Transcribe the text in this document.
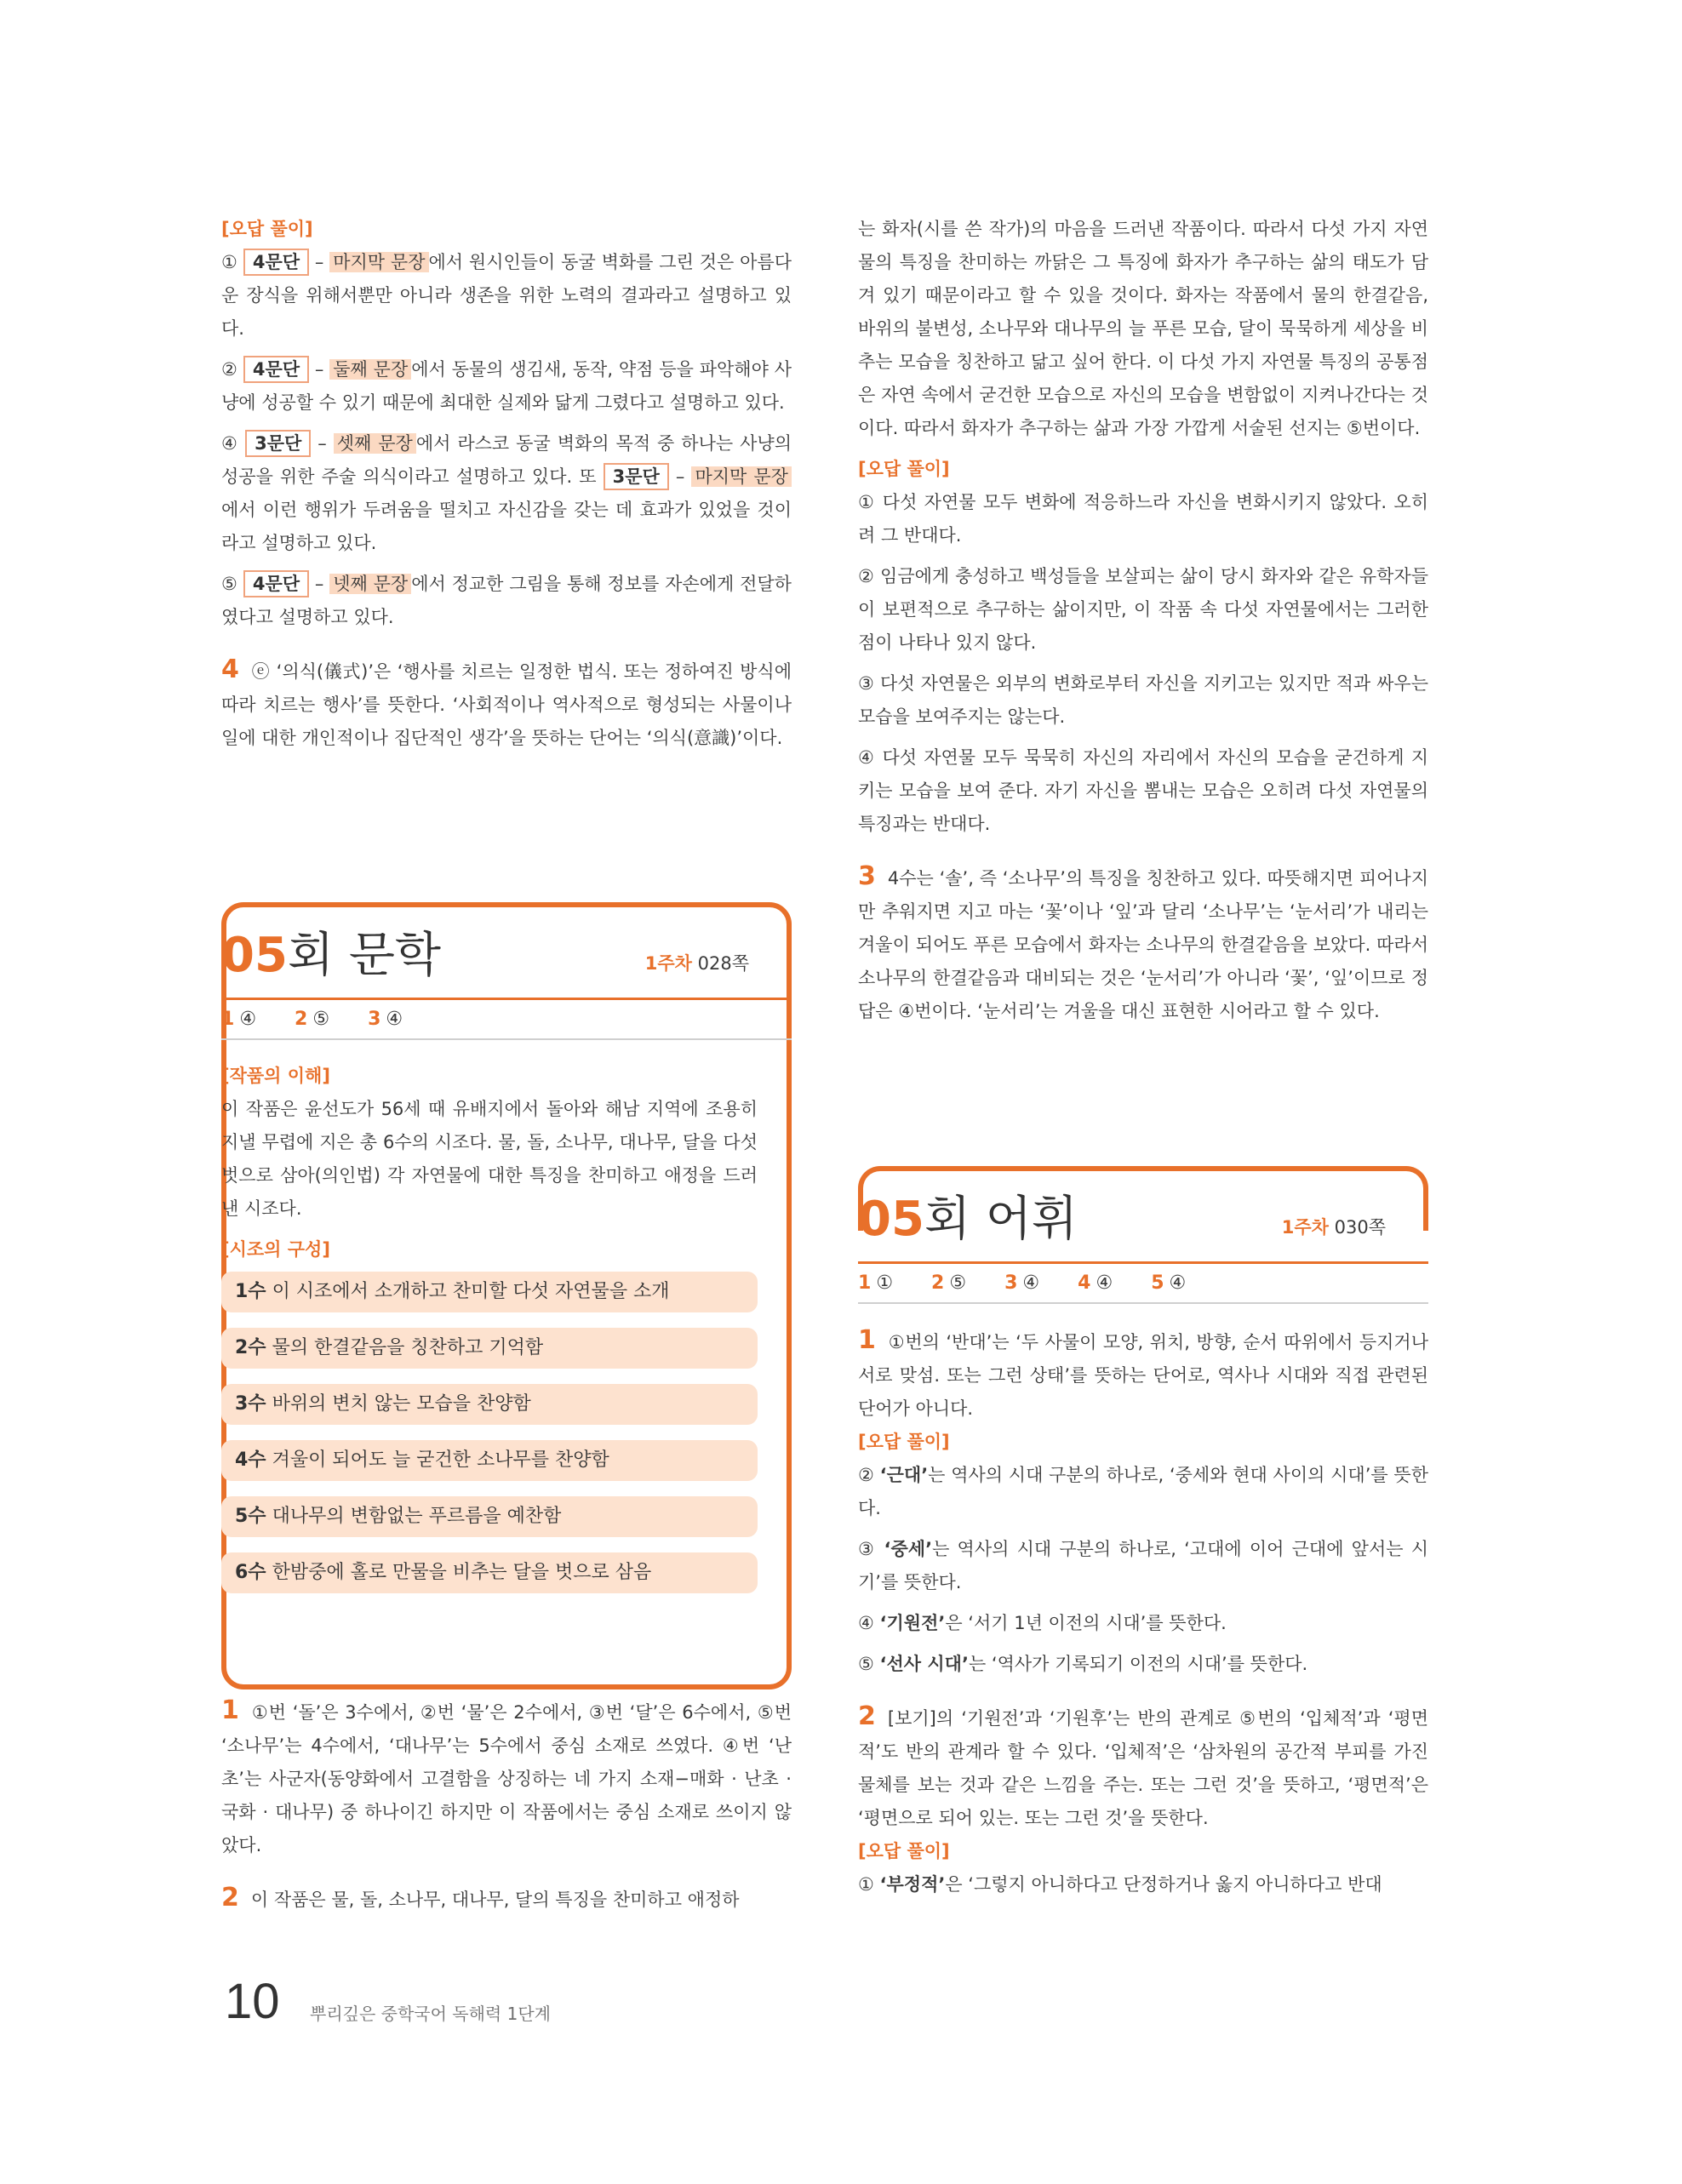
[오답 풀이]

① 4문단 – 마지막 문장 에서 원시인들이 동굴 벽화를 그린 것은 아름다운 장식을 위해서뿐만 아니라 생존을 위한 노력의 결과라고 설명하고 있다.

② 4문단 – 둘째 문장 에서 동물의 생김새, 동작, 약점 등을 파악해야 사냥에 성공할 수 있기 때문에 최대한 실제와 닮게 그렸다고 설명하고 있다.

④ 3문단 – 셋째 문장 에서 라스코 동굴 벽화의 목적 중 하나는 사냥의 성공을 위한 주술 의식이라고 설명하고 있다. 또 3문단 – 마지막 문장에서 이런 행위가 두려움을 떨치고 자신감을 갖는 데 효과가 있었을 것이라고 설명하고 있다.

⑤ 4문단 – 넷째 문장 에서 정교한 그림을 통해 정보를 자손에게 전달하였다고 설명하고 있다.

4 ⓔ ‘의식(儀式)’은 ‘행사를 치르는 일정한 법식. 또는 정하여진 방식에 따라 치르는 행사’를 뜻한다. ‘사회적이나 역사적으로 형성되는 사물이나 일에 대한 개인적이나 집단적인 생각’을 뜻하는 단어는 ‘의식(意識)’이다.

05회 문학	1주차 028쪽
1 ④ 2 ⑤ 3 ④
[작품의 이해]

이 작품은 윤선도가 56세 때 유배지에서 돌아와 해남 지역에 조용히 지낼 무렵에 지은 총 6수의 시조다. 물, 돌, 소나무, 대나무, 달을 다섯 벗으로 삼아(의인법) 각 자연물에 대한 특징을 찬미하고 애정을 드러낸 시조다.

[시조의 구성]
1수 이 시조에서 소개하고 찬미할 다섯 자연물을 소개
2수 물의 한결같음을 칭찬하고 기억함
3수 바위의 변치 않는 모습을 찬양함
4수 겨울이 되어도 늘 굳건한 소나무를 찬양함
5수 대나무의 변함없는 푸르름을 예찬함
6수 한밤중에 홀로 만물을 비추는 달을 벗으로 삼음

1 ①번 ‘돌’은 3수에서, ②번 ‘물’은 2수에서, ③번 ‘달’은 6수에서, ⑤번 ‘소나무’는 4수에서, ‘대나무’는 5수에서 중심 소재로 쓰였다. ④번 ‘난초’는 사군자(동양화에서 고결함을 상징하는 네 가지 소재−매화 · 난초 · 국화 · 대나무) 중 하나이긴 하지만 이 작품에서는 중심 소재로 쓰이지 않았다.

2 이 작품은 물, 돌, 소나무, 대나무, 달의 특징을 찬미하고 애정하

는 화자(시를 쓴 작가)의 마음을 드러낸 작품이다. 따라서 다섯 가지 자연물의 특징을 찬미하는 까닭은 그 특징에 화자가 추구하는 삶의 태도가 담겨 있기 때문이라고 할 수 있을 것이다. 화자는 작품에서 물의 한결같음, 바위의 불변성, 소나무와 대나무의 늘 푸른 모습, 달이 묵묵하게 세상을 비추는 모습을 칭찬하고 닮고 싶어 한다. 이 다섯 가지 자연물 특징의 공통점은 자연 속에서 굳건한 모습으로 자신의 모습을 변함없이 지켜나간다는 것이다. 따라서 화자가 추구하는 삶과 가장 가깝게 서술된 선지는 ⑤번이다.

[오답 풀이]

① 다섯 자연물 모두 변화에 적응하느라 자신을 변화시키지 않았다. 오히려 그 반대다.

② 임금에게 충성하고 백성들을 보살피는 삶이 당시 화자와 같은 유학자들이 보편적으로 추구하는 삶이지만, 이 작품 속 다섯 자연물에서는 그러한 점이 나타나 있지 않다.

③ 다섯 자연물은 외부의 변화로부터 자신을 지키고는 있지만 적과 싸우는 모습을 보여주지는 않는다.

④ 다섯 자연물 모두 묵묵히 자신의 자리에서 자신의 모습을 굳건하게 지키는 모습을 보여 준다. 자기 자신을 뽐내는 모습은 오히려 다섯 자연물의 특징과는 반대다.

3 4수는 ‘솔’, 즉 ‘소나무’의 특징을 칭찬하고 있다. 따뜻해지면 피어나지만 추워지면 지고 마는 ‘꽃’이나 ‘잎’과 달리 ‘소나무’는 ‘눈서리’가 내리는 겨울이 되어도 푸른 모습에서 화자는 소나무의 한결같음을 보았다. 따라서 소나무의 한결같음과 대비되는 것은 ‘눈서리’가 아니라 ‘꽃’, ‘잎’이므로 정답은 ④번이다. ‘눈서리’는 겨울을 대신 표현한 시어라고 할 수 있다.

05회 어휘	1주차 030쪽
1 ① 2 ⑤ 3 ④ 4 ④ 5 ④

1 ①번의 ‘반대’는 ‘두 사물이 모양, 위치, 방향, 순서 따위에서 등지거나 서로 맞섬. 또는 그런 상태’를 뜻하는 단어로, 역사나 시대와 직접 관련된 단어가 아니다.

[오답 풀이]

② ‘근대’는 역사의 시대 구분의 하나로, ‘중세와 현대 사이의 시대’를 뜻한다.

③ ‘중세’는 역사의 시대 구분의 하나로, ‘고대에 이어 근대에 앞서는 시기’를 뜻한다.

④ ‘기원전’은 ‘서기 1년 이전의 시대’를 뜻한다.

⑤ ‘선사 시대’는 ‘역사가 기록되기 이전의 시대’를 뜻한다.

2 [보기]의 ‘기원전’과 ‘기원후’는 반의 관계로 ⑤번의 ‘입체적’과 ‘평면적’도 반의 관계라 할 수 있다. ‘입체적’은 ‘삼차원의 공간적 부피를 가진 물체를 보는 것과 같은 느낌을 주는. 또는 그런 것’을 뜻하고, ‘평면적’은 ‘평면으로 되어 있는. 또는 그런 것’을 뜻한다.

[오답 풀이]

① ‘부정적’은 ‘그렇지 아니하다고 단정하거나 옳지 아니하다고 반대

10 뿌리깊은 중학국어 독해력 1단계
